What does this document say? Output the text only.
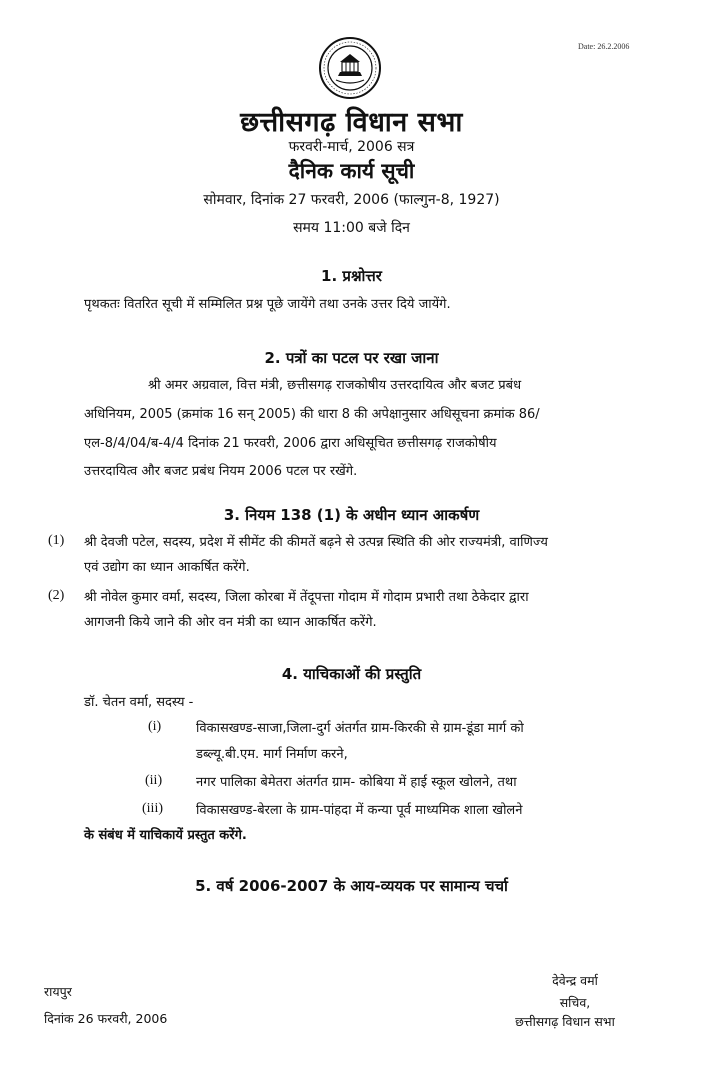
Date: 26.2.2006
छत्तीसगढ़ विधान सभा
फरवरी-मार्च, 2006 सत्र
दैनिक कार्य सूची
सोमवार, दिनांक 27 फरवरी, 2006 (फाल्गुन-8, 1927)
समय 11:00 बजे दिन
1. प्रश्नोत्तर
पृथकतः वितरित सूची में सम्मिलित प्रश्न पूछे जायेंगे तथा उनके उत्तर दिये जायेंगे.
2. पत्रों का पटल पर रखा जाना
श्री अमर अग्रवाल, वित्त मंत्री, छत्तीसगढ़ राजकोषीय उत्तरदायित्व और बजट प्रबंध
अधिनियम, 2005 (क्रमांक 16 सन् 2005) की धारा 8 की अपेक्षानुसार अधिसूचना क्रमांक 86/
एल-8/4/04/ब-4/4 दिनांक 21 फरवरी, 2006 द्वारा अधिसूचित छत्तीसगढ़ राजकोषीय
उत्तरदायित्व और बजट प्रबंध नियम 2006 पटल पर रखेंगे.
3. नियम 138 (1) के अधीन ध्यान आकर्षण
(1) श्री देवजी पटेल, सदस्य, प्रदेश में सीमेंट की कीमतें बढ़ने से उत्पन्न स्थिति की ओर राज्यमंत्री, वाणिज्य
एवं उद्योग का ध्यान आकर्षित करेंगे.
(2) श्री नोवेल कुमार वर्मा, सदस्य, जिला कोरबा में तेंदूपत्ता गोदाम में गोदाम प्रभारी तथा ठेकेदार द्वारा
आगजनी किये जाने की ओर वन मंत्री का ध्यान आकर्षित करेंगे.
4. याचिकाओं की प्रस्तुति
डॉ. चेतन वर्मा, सदस्य -
(i)	विकासखण्ड-साजा,जिला-दुर्ग अंतर्गत ग्राम-किरकी से ग्राम-डूंडा मार्ग को
डब्ल्यू.बी.एम. मार्ग निर्माण करने,
(ii)	नगर पालिका बेमेतरा अंतर्गत ग्राम- कोबिया में हाई स्कूल खोलने, तथा
(iii)	विकासखण्ड-बेरला के ग्राम-पांहदा में कन्या पूर्व माध्यमिक शाला खोलने
के संबंध में याचिकायें प्रस्तुत करेंगे.
5. वर्ष 2006-2007 के आय-व्ययक पर सामान्य चर्चा
रायपुर
दिनांक 26 फरवरी, 2006
देवेन्द्र वर्मा
सचिव,
छत्तीसगढ़ विधान सभा
